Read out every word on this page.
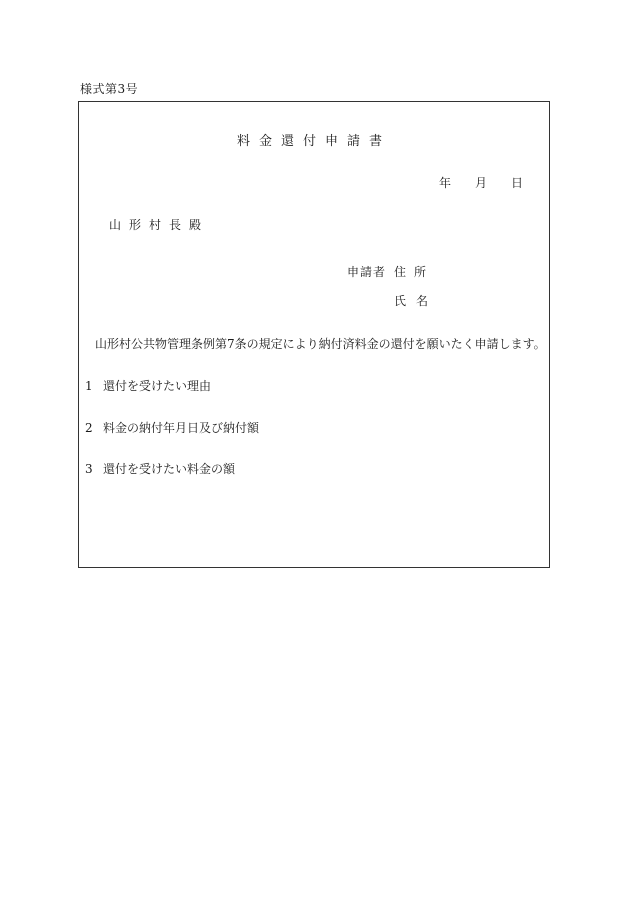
様式第3号
料金還付申請書
年　　月　　日
山形村長殿
申請者 住所
氏名
山形村公共物管理条例第7条の規定により納付済料金の還付を願いたく申請します。
1 還付を受けたい理由
2 料金の納付年月日及び納付額
3 還付を受けたい料金の額
